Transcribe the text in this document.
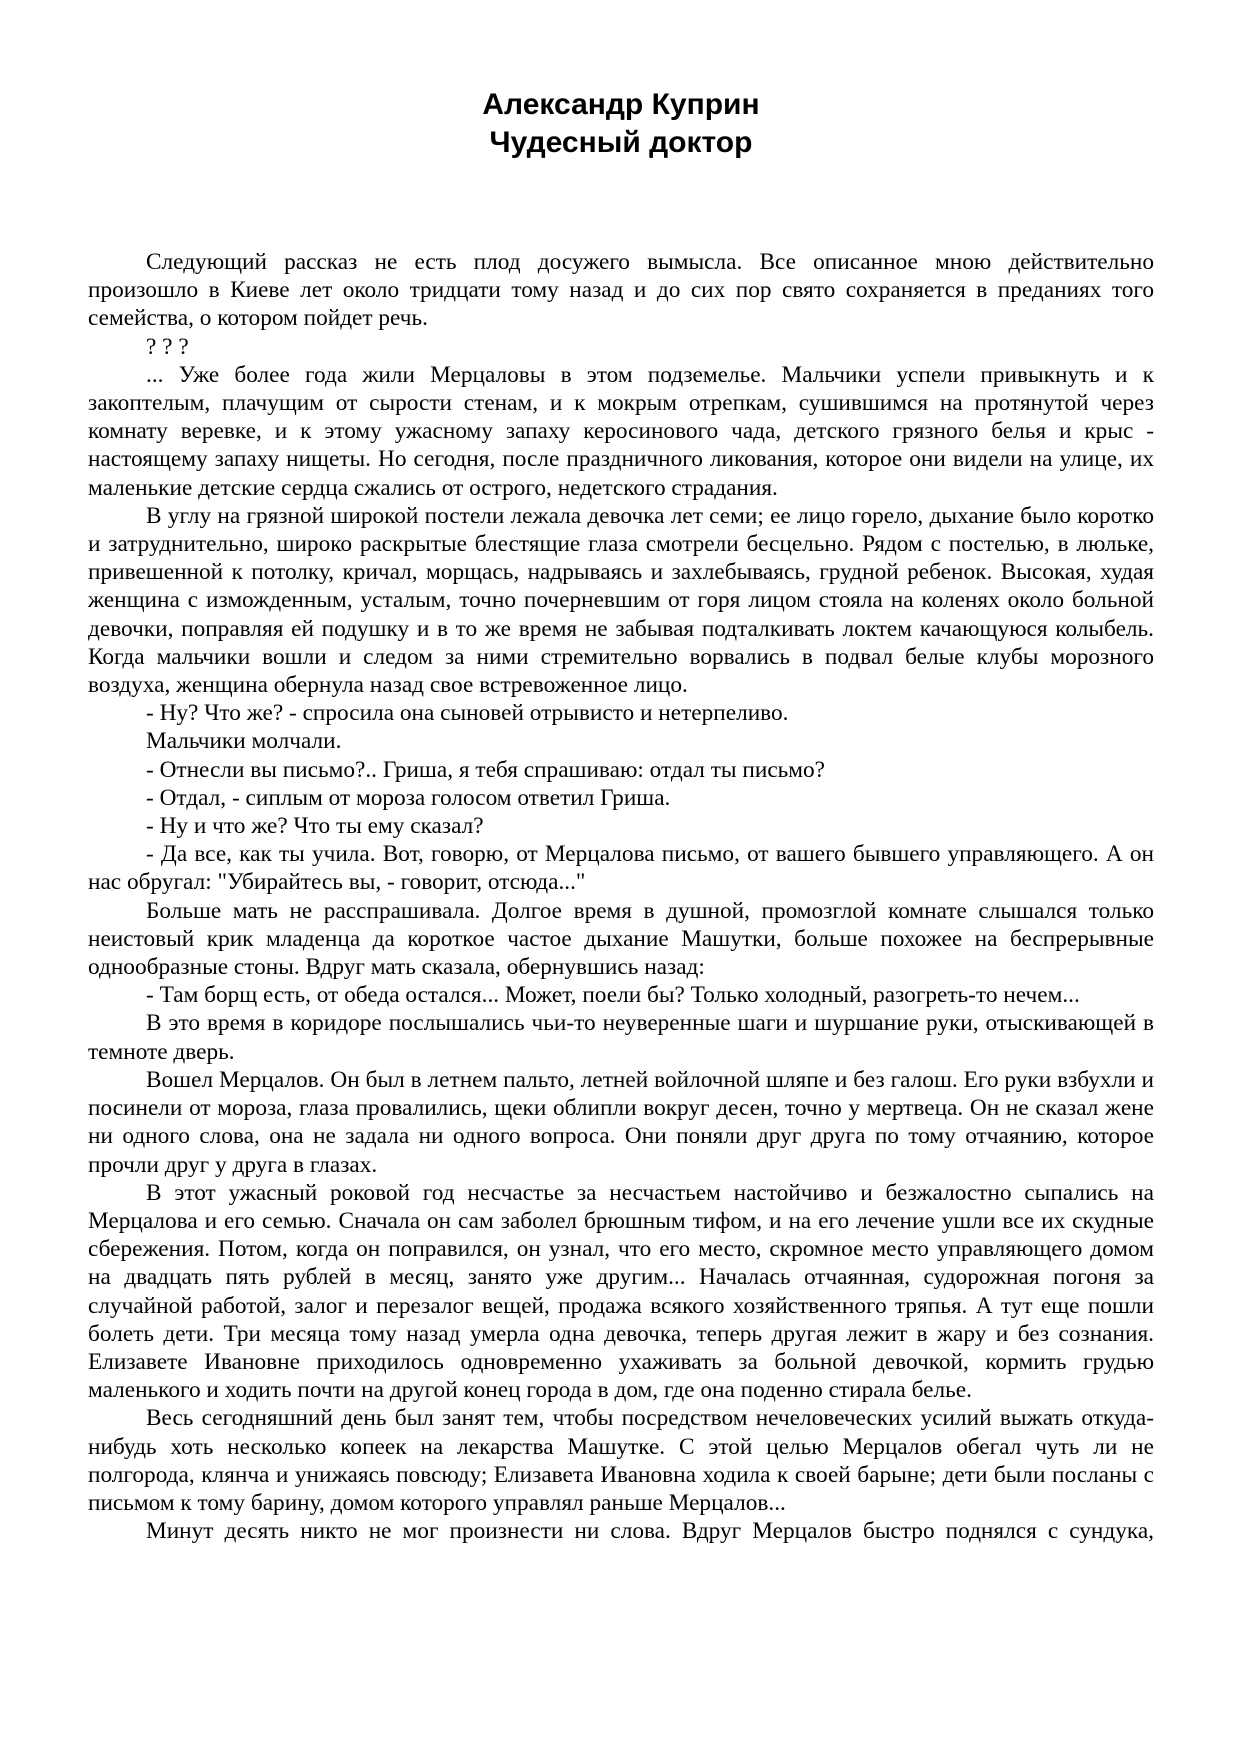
Александр Куприн
Чудесный доктор

Следующий рассказ не есть плод досужего вымысла. Все описанное мною действительно произошло в Киеве лет около тридцати тому назад и до сих пор свято сохраняется в преданиях того семейства, о котором пойдет речь.

? ? ?

... Уже более года жили Мерцаловы в этом подземелье. Мальчики успели привыкнуть и к закоптелым, плачущим от сырости стенам, и к мокрым отрепкам, сушившимся на протянутой через комнату веревке, и к этому ужасному запаху керосинового чада, детского грязного белья и крыс - настоящему запаху нищеты. Но сегодня, после праздничного ликования, которое они видели на улице, их маленькие детские сердца сжались от острого, недетского страдания.

В углу на грязной широкой постели лежала девочка лет семи; ее лицо горело, дыхание было коротко и затруднительно, широко раскрытые блестящие глаза смотрели бесцельно. Рядом с постелью, в люльке, привешенной к потолку, кричал, морщась, надрываясь и захлебываясь, грудной ребенок. Высокая, худая женщина с изможденным, усталым, точно почерневшим от горя лицом стояла на коленях около больной девочки, поправляя ей подушку и в то же время не забывая подталкивать локтем качающуюся колыбель. Когда мальчики вошли и следом за ними стремительно ворвались в подвал белые клубы морозного воздуха, женщина обернула назад свое встревоженное лицо.

- Ну? Что же? - спросила она сыновей отрывисто и нетерпеливо.

Мальчики молчали.

- Отнесли вы письмо?.. Гриша, я тебя спрашиваю: отдал ты письмо?

- Отдал, - сиплым от мороза голосом ответил Гриша.

- Ну и что же? Что ты ему сказал?

- Да все, как ты учила. Вот, говорю, от Мерцалова письмо, от вашего бывшего управляющего. А он нас обругал: "Убирайтесь вы, - говорит, отсюда..."

Больше мать не расспрашивала. Долгое время в душной, промозглой комнате слышался только неистовый крик младенца да короткое частое дыхание Машутки, больше похожее на беспрерывные однообразные стоны. Вдруг мать сказала, обернувшись назад:

- Там борщ есть, от обеда остался... Может, поели бы? Только холодный, разогреть-то нечем...

В это время в коридоре послышались чьи-то неуверенные шаги и шуршание руки, отыскивающей в темноте дверь.

Вошел Мерцалов. Он был в летнем пальто, летней войлочной шляпе и без галош. Его руки взбухли и посинели от мороза, глаза провалились, щеки облипли вокруг десен, точно у мертвеца. Он не сказал жене ни одного слова, она не задала ни одного вопроса. Они поняли друг друга по тому отчаянию, которое прочли друг у друга в глазах.

В этот ужасный роковой год несчастье за несчастьем настойчиво и безжалостно сыпались на Мерцалова и его семью. Сначала он сам заболел брюшным тифом, и на его лечение ушли все их скудные сбережения. Потом, когда он поправился, он узнал, что его место, скромное место управляющего домом на двадцать пять рублей в месяц, занято уже другим... Началась отчаянная, судорожная погоня за случайной работой, залог и перезалог вещей, продажа всякого хозяйственного тряпья. А тут еще пошли болеть дети. Три месяца тому назад умерла одна девочка, теперь другая лежит в жару и без сознания. Елизавете Ивановне приходилось одновременно ухаживать за больной девочкой, кормить грудью маленького и ходить почти на другой конец города в дом, где она поденно стирала белье.

Весь сегодняшний день был занят тем, чтобы посредством нечеловеческих усилий выжать откуда-нибудь хоть несколько копеек на лекарства Машутке. С этой целью Мерцалов обегал чуть ли не полгорода, клянча и унижаясь повсюду; Елизавета Ивановна ходила к своей барыне; дети были посланы с письмом к тому барину, домом которого управлял раньше Мерцалов...

Минут десять никто не мог произнести ни слова. Вдруг Мерцалов быстро поднялся с сундука,
